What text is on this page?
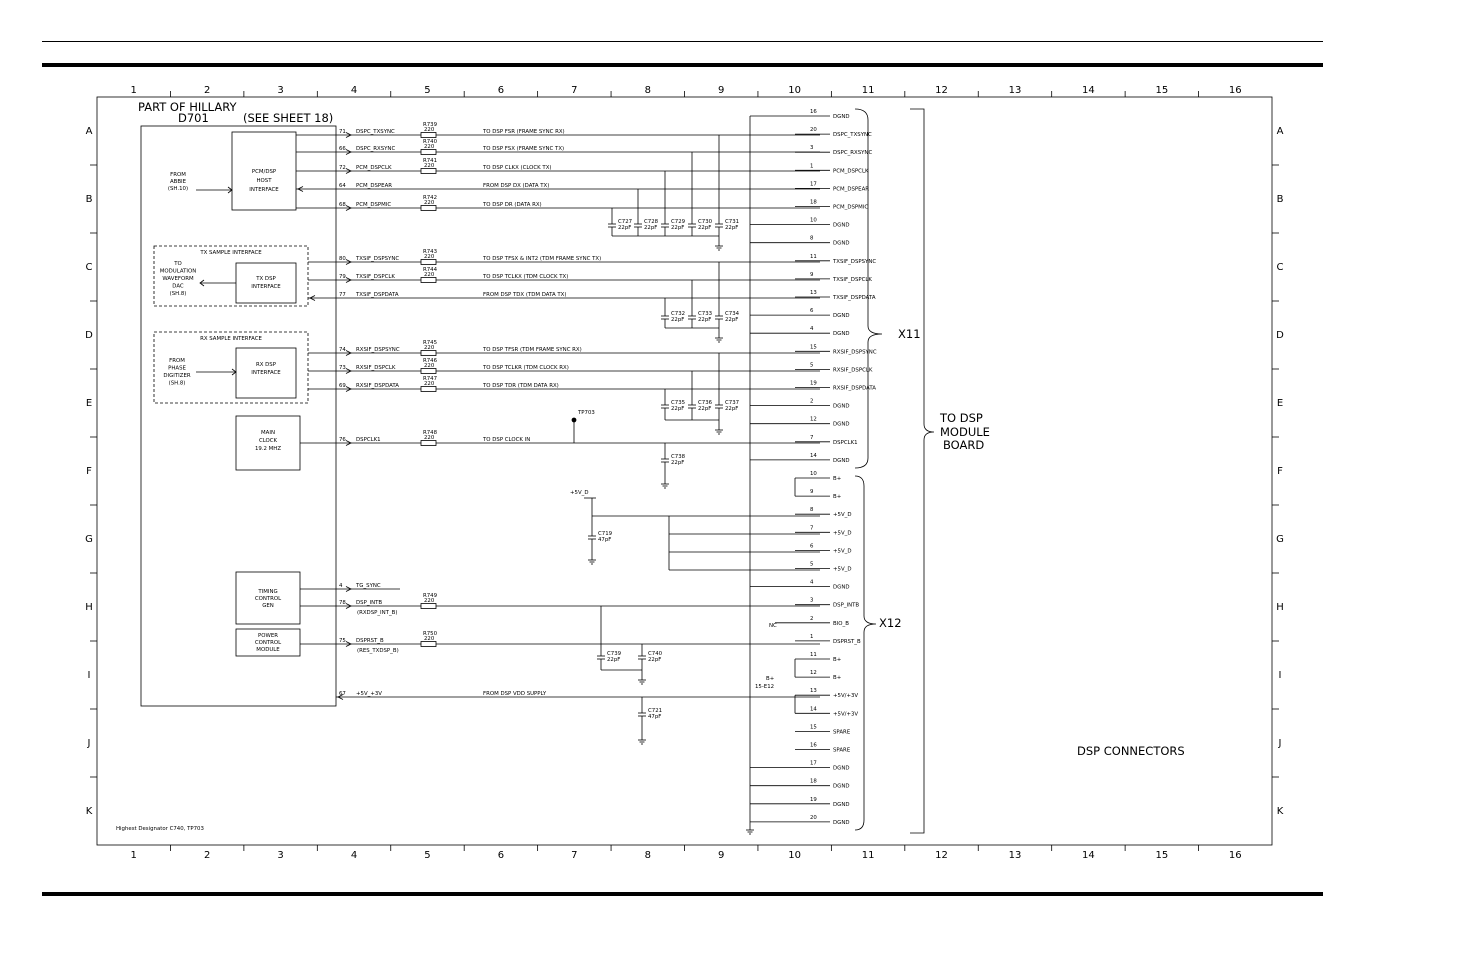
1
1
2
2
3
3
4
4
5
5
6
6
7
7
8
8
9
9
10
10
11
11
12
12
13
13
14
14
15
15
16
16
A	A
B	B
C	C
D	D
E	E
F	F
G	G
H	H
I	I
J	J
K	K
PART OF HILLARY
D701	(SEE SHEET 18)
PCM/DSP
HOST
INTERFACE
TX DSP
INTERFACE
RX DSP
INTERFACE
MAIN
CLOCK
19.2 MHZ
TIMING
CONTROL
GEN
POWER
CONTROL
MODULE
TX SAMPLE INTERFACE
RX SAMPLE INTERFACE
FROM
ABBIE
(SH.10)
TO
MODULATION
WAVEFORM
DAC
(SH.8)
FROM
PHASE
DIGITIZER
(SH.8)
71 DSPC_TXSYNC
R739
220	TO DSP FSR (FRAME SYNC RX)
66 DSPC_RXSYNC
R740
220	TO DSP FSX (FRAME SYNC TX)
72 PCM_DSPCLK
R741
220	TO DSP CLKX (CLOCK TX)
64 PCM_DSPEAR	FROM DSP DX (DATA TX)
68 PCM_DSPMIC
R742
220	TO DSP DR (DATA RX)
80 TXSIF_DSPSYNC
R743
220	TO DSP TFSX & INT2 (TDM FRAME SYNC TX)
79 TXSIF_DSPCLK
R744
220	TO DSP TCLKX (TDM CLOCK TX)
77 TXSIF_DSPDATA	FROM DSP TDX (TDM DATA TX)
74 RXSIF_DSPSYNC
R745
220	TO DSP TFSR (TDM FRAME SYNC RX)
73 RXSIF_DSPCLK
R746
220	TO DSP TCLKR (TDM CLOCK RX)
69 RXSIF_DSPDATA
R747
220	TO DSP TDR (TDM DATA RX)
76 DSPCLK1
R748
220	TO DSP CLOCK IN
4	TG_SYNC
78 DSP_INTB
(RXDSP_INT_B)
R749
220
75 DSPRST_B
(RES_TXDSP_B)
R750
220
67 +5V_+3V	FROM DSP VDD SUPPLY
C727
22pF
C728
22pF
C729
22pF
C730
22pF
C731
22pF
C732
22pF
C733
22pF
C734
22pF
C735
22pF
C736
22pF
C737
22pF
C738
22pF
C719
47pF
C739
22pF
C740
22pF
C721
47pF
16
DGND
20
DSPC_TXSYNC
3
DSPC_RXSYNC
1
PCM_DSPCLK
17
PCM_DSPEAR
18
PCM_DSPMIC
10
DGND
8
DGND
11
TXSIF_DSPSYNC
9
TXSIF_DSPCLK
13
TXSIF_DSPDATA
6
DGND
4
DGND
15
RXSIF_DSPSYNC
5
RXSIF_DSPCLK
19
RXSIF_DSPDATA
2
DGND
12
DGND
7
DSPCLK1
14
DGND
10
B+
9
B+
8
+5V_D
7
+5V_D
6
+5V_D
5
+5V_D
4
DGND
3
DSP_INTB
2
BIO_B
1
DSPRST_B
11
B+
12
B+
13
+5V/+3V
14
+5V/+3V
15
SPARE
16
SPARE
17
DGND
18
DGND
19
DGND
20
DGND
X11
X12
TO DSP
MODULE
BOARD
DSP CONNECTORS
Highest Designator C740, TP703
TP703
+5V_D
NC
B+
15-E12
